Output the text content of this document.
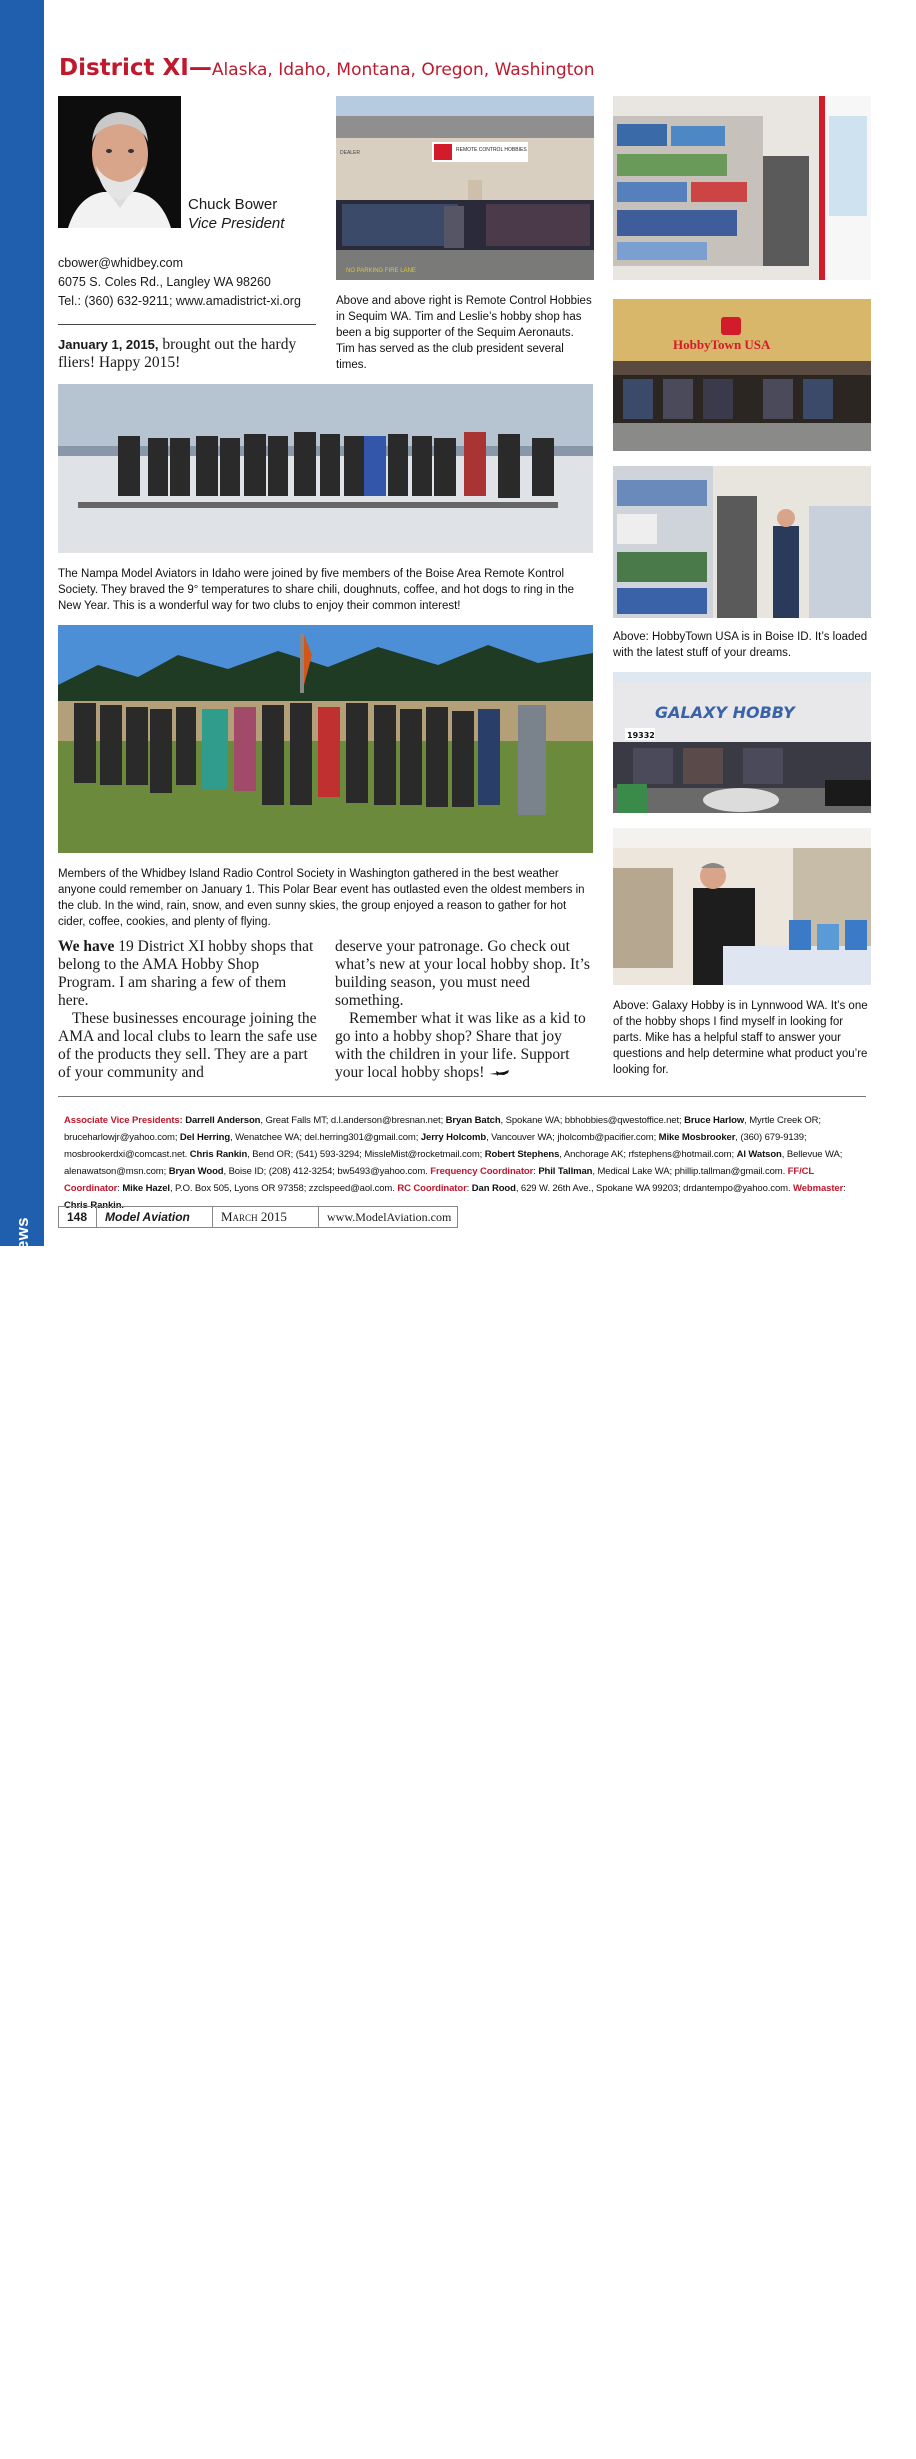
ama news ama news ama news ama news ama news ama news ama news ama news ama news ama news ama news ama news ama news ama news
District XI—Alaska, Idaho, Montana, Oregon, Washington
Chuck Bower
Vice President
cbower@whidbey.com
6075 S. Coles Rd., Langley WA 98260
Tel.: (360) 632-9211; www.amadistrict-xi.org
January 1, 2015, brought out the hardy fliers! Happy 2015!
REMOTE CONTROL HOBBIES
DEALER
NO PARKING FIRE LANE
Above and above right is Remote Control Hobbies in Sequim WA. Tim and Leslie’s hobby shop has been a big supporter of the Sequim Aeronauts. Tim has served as the club president several times.
HobbyTown USA
The Nampa Model Aviators in Idaho were joined by five members of the Boise Area Remote Kontrol Society. They braved the 9° temperatures to share chili, doughnuts, coffee, and hot dogs to ring in the New Year. This is a wonderful way for two clubs to enjoy their common interest!
Above: HobbyTown USA is in Boise ID. It’s loaded with the latest stuff of your dreams.
GALAXY HOBBY
19332
Members of the Whidbey Island Radio Control Society in Washington gathered in the best weather anyone could remember on January 1. This Polar Bear event has outlasted even the oldest members in the club. In the wind, rain, snow, and even sunny skies, the group enjoyed a reason to gather for hot cider, coffee, cookies, and plenty of flying.

We have 19 District XI hobby shops that belong to the AMA Hobby Shop Program. I am sharing a few of them here.

These businesses encourage joining the AMA and local clubs to learn the safe use of the products they sell. They are a part of your community and

deserve your patronage. Go check out what’s new at your local hobby shop. It’s building season, you must need something.

Remember what it was like as a kid to go into a hobby shop? Share that joy with the children in your life. Support your local hobby shops!

Above: Galaxy Hobby is in Lynnwood WA. It’s one of the hobby shops I find myself in looking for parts. Mike has a helpful staff to answer your questions and help determine what product you’re looking for.
Associate Vice Presidents: Darrell Anderson, Great Falls MT; d.l.anderson@bresnan.net; Bryan Batch, Spokane WA; bbhobbies@qwestoffice.net; Bruce Harlow, Myrtle Creek OR; bruceharlowjr@yahoo.com; Del Herring, Wenatchee WA; del.herring301@gmail.com; Jerry Holcomb, Vancouver WA; jholcomb@pacifier.com; Mike Mosbrooker, (360) 679-9139; mosbrookerdxi@comcast.net. Chris Rankin, Bend OR; (541) 593-3294; MissleMist@rocketmail.com; Robert Stephens, Anchorage AK; rfstephens@hotmail.com; Al Watson, Bellevue WA; alenawatson@msn.com; Bryan Wood, Boise ID; (208) 412-3254; bw5493@yahoo.com. Frequency Coordinator: Phil Tallman, Medical Lake WA; phillip.tallman@gmail.com. FF/CL Coordinator: Mike Hazel, P.O. Box 505, Lyons OR 97358; zzclspeed@aol.com. RC Coordinator: Dan Rood, 629 W. 26th Ave., Spokane WA 99203; drdantempo@yahoo.com. Webmaster: Chris Rankin.
148	Model Aviation	March 2015	www.ModelAviation.com
